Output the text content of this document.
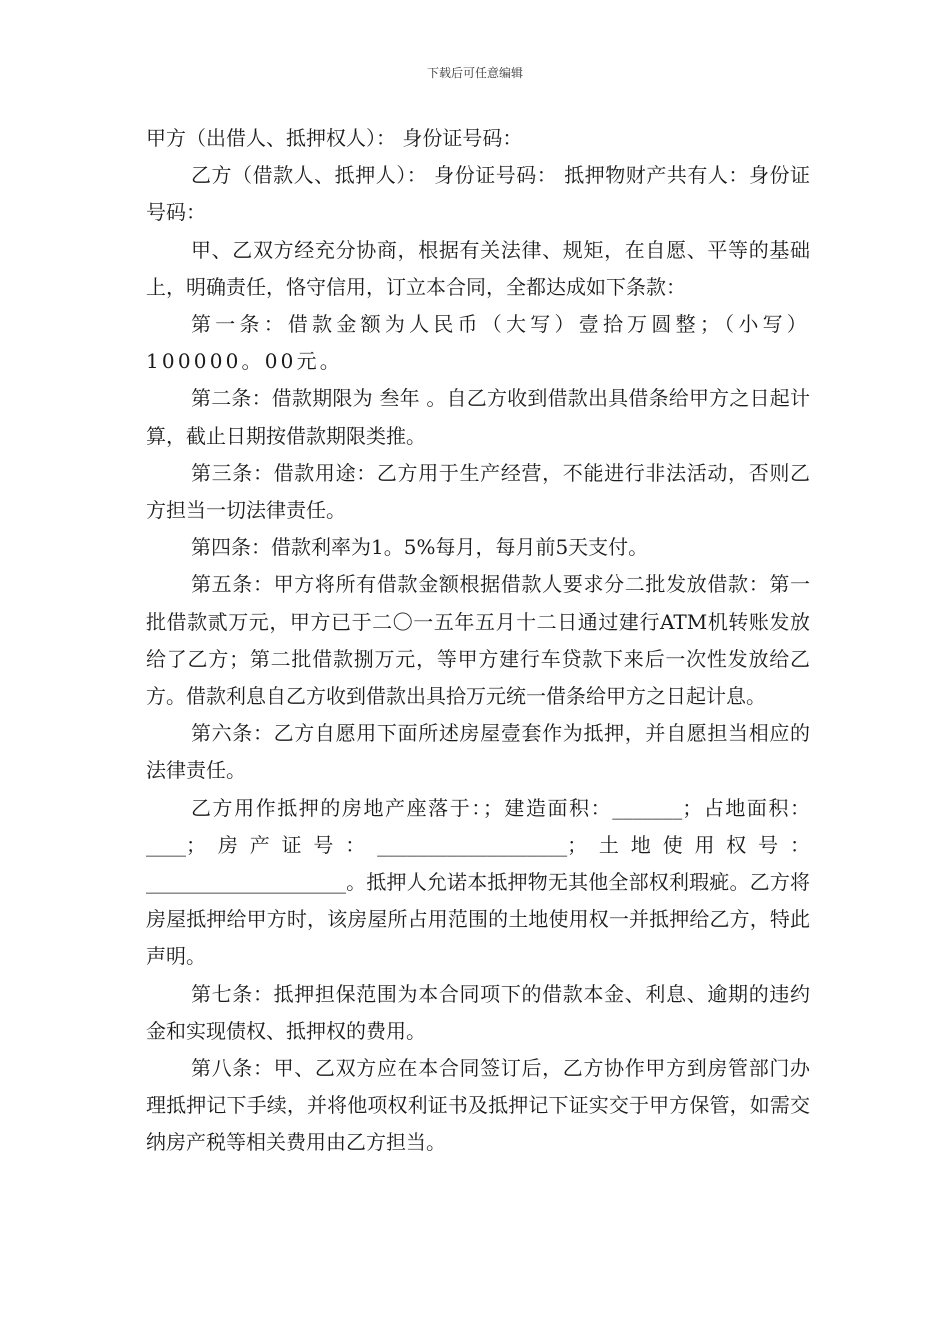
下载后可任意编辑

甲方（出借人、抵押权人）： 身份证号码：

乙方（借款人、抵押人）： 身份证号码： 抵押物财产共有人：身份证号码：

甲、乙双方经充分协商，根据有关法律、规矩，在自愿、平等的基础上，明确责任，恪守信用，订立本合同，全都达成如下条款：

第一条：借款金额为人民币（大写）壹拾万圆整；（小写）100000。00元。

第二条：借款期限为 叁年 。自乙方收到借款出具借条给甲方之日起计算，截止日期按借款期限类推。

第三条：借款用途：乙方用于生产经营，不能进行非法活动，否则乙方担当一切法律责任。

第四条：借款利率为1。5%每月，每月前5天支付。

第五条：甲方将所有借款金额根据借款人要求分二批发放借款：第一批借款贰万元，甲方已于二〇一五年五月十二日通过建行ATM机转账发放给了乙方；第二批借款捌万元，等甲方建行车贷款下来后一次性发放给乙方。借款利息自乙方收到借款出具拾万元统一借条给甲方之日起计息。

第六条：乙方自愿用下面所述房屋壹套作为抵押，并自愿担当相应的法律责任。

乙方用作抵押的房地产座落于：；建造面积：_______；占地面积：____；房产证号：___________________；土地使用权号：____________________。抵押人允诺本抵押物无其他全部权利瑕疵。乙方将房屋抵押给甲方时，该房屋所占用范围的土地使用权一并抵押给乙方，特此声明。

第七条：抵押担保范围为本合同项下的借款本金、利息、逾期的违约金和实现债权、抵押权的费用。

第八条：甲、乙双方应在本合同签订后，乙方协作甲方到房管部门办理抵押记下手续，并将他项权利证书及抵押记下证实交于甲方保管，如需交纳房产税等相关费用由乙方担当。
